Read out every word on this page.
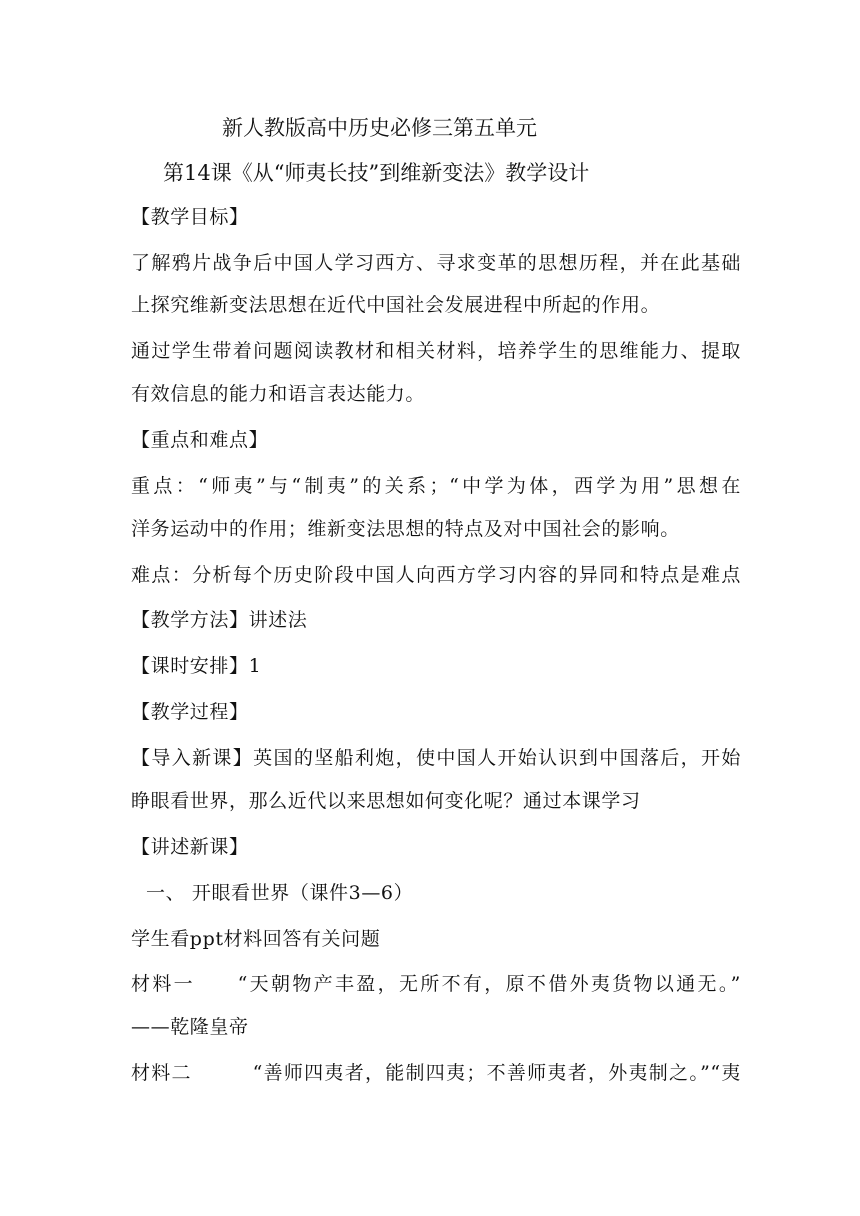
新人教版高中历史必修三第五单元
第14课《从“师夷长技”到维新变法》教学设计
【教学目标】
了解鸦片战争后中国人学习西方、寻求变革的思想历程，并在此基础
上探究维新变法思想在近代中国社会发展进程中所起的作用。
通过学生带着问题阅读教材和相关材料，培养学生的思维能力、提取
有效信息的能力和语言表达能力。
【重点和难点】
重点：“师夷”与“制夷”的关系；“中学为体，西学为用”思想在
洋务运动中的作用；维新变法思想的特点及对中国社会的影响。
难点：分析每个历史阶段中国人向西方学习内容的异同和特点是难点
【教学方法】讲述法
【课时安排】1
【教学过程】
【导入新课】英国的坚船利炮，使中国人开始认识到中国落后，开始
睁眼看世界，那么近代以来思想如何变化呢？通过本课学习
【讲述新课】
一、 开眼看世界（课件3—6）
学生看ppt材料回答有关问题
材料一　　“天朝物产丰盈，无所不有，原不借外夷货物以通无。”
——乾隆皇帝
材料二　　　“善师四夷者，能制四夷；不善师夷者，外夷制之。”“夷
